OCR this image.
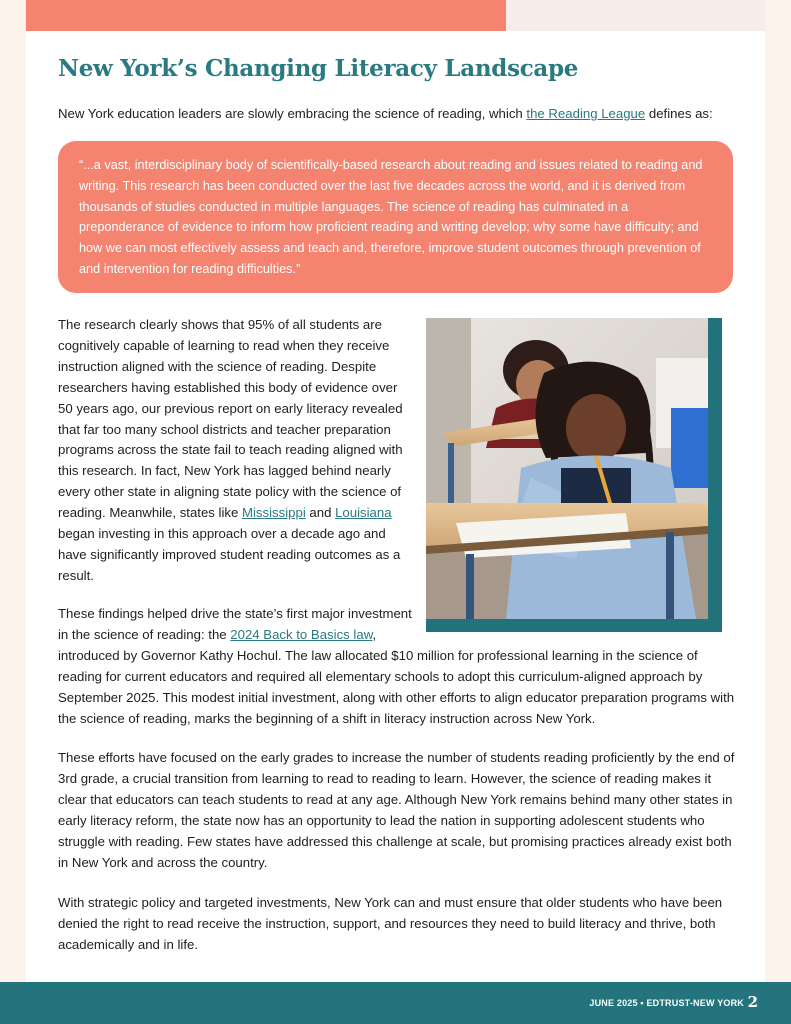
New York’s Changing Literacy Landscape

New York education leaders are slowly embracing the science of reading, which the Reading League defines as:

“...a vast, interdisciplinary body of scientifically-based research about reading and issues related to reading and writing. This research has been conducted over the last five decades across the world, and it is derived from thousands of studies conducted in multiple languages. The science of reading has culminated in a preponderance of evidence to inform how proficient reading and writing develop; why some have difficulty; and how we can most effectively assess and teach and, therefore, improve student outcomes through prevention of and intervention for reading difficulties.”

The research clearly shows that 95% of all students are cognitively capable of learning to read when they receive instruction aligned with the science of reading. Despite researchers having established this body of evidence over 50 years ago, our previous report on early literacy revealed that far too many school districts and teacher preparation programs across the state fail to teach reading aligned with this research. In fact, New York has lagged behind nearly every other state in aligning state policy with the science of reading. Meanwhile, states like Mississippi and Louisiana began investing in this approach over a decade ago and have significantly improved student reading outcomes as a result.

These findings helped drive the state’s first major investment in the science of reading: the 2024 Back to Basics law, introduced by Governor Kathy Hochul. The law allocated $10 million for professional learning in the science of reading for current educators and required all elementary schools to adopt this curriculum-aligned approach by September 2025. This modest initial investment, along with other efforts to align educator preparation programs with the science of reading, marks the beginning of a shift in literacy instruction across New York.

These efforts have focused on the early grades to increase the number of students reading proficiently by the end of 3rd grade, a crucial transition from learning to read to reading to learn. However, the science of reading makes it clear that educators can teach students to read at any age. Although New York remains behind many other states in early literacy reform, the state now has an opportunity to lead the nation in supporting adolescent students who struggle with reading. Few states have addressed this challenge at scale, but promising practices already exist both in New York and across the country.

With strategic policy and targeted investments, New York can and must ensure that older students who have been denied the right to read receive the instruction, support, and resources they need to build literacy and thrive, both academically and in life.

JUNE 2025 • EDTRUST-NEW YORK 2
